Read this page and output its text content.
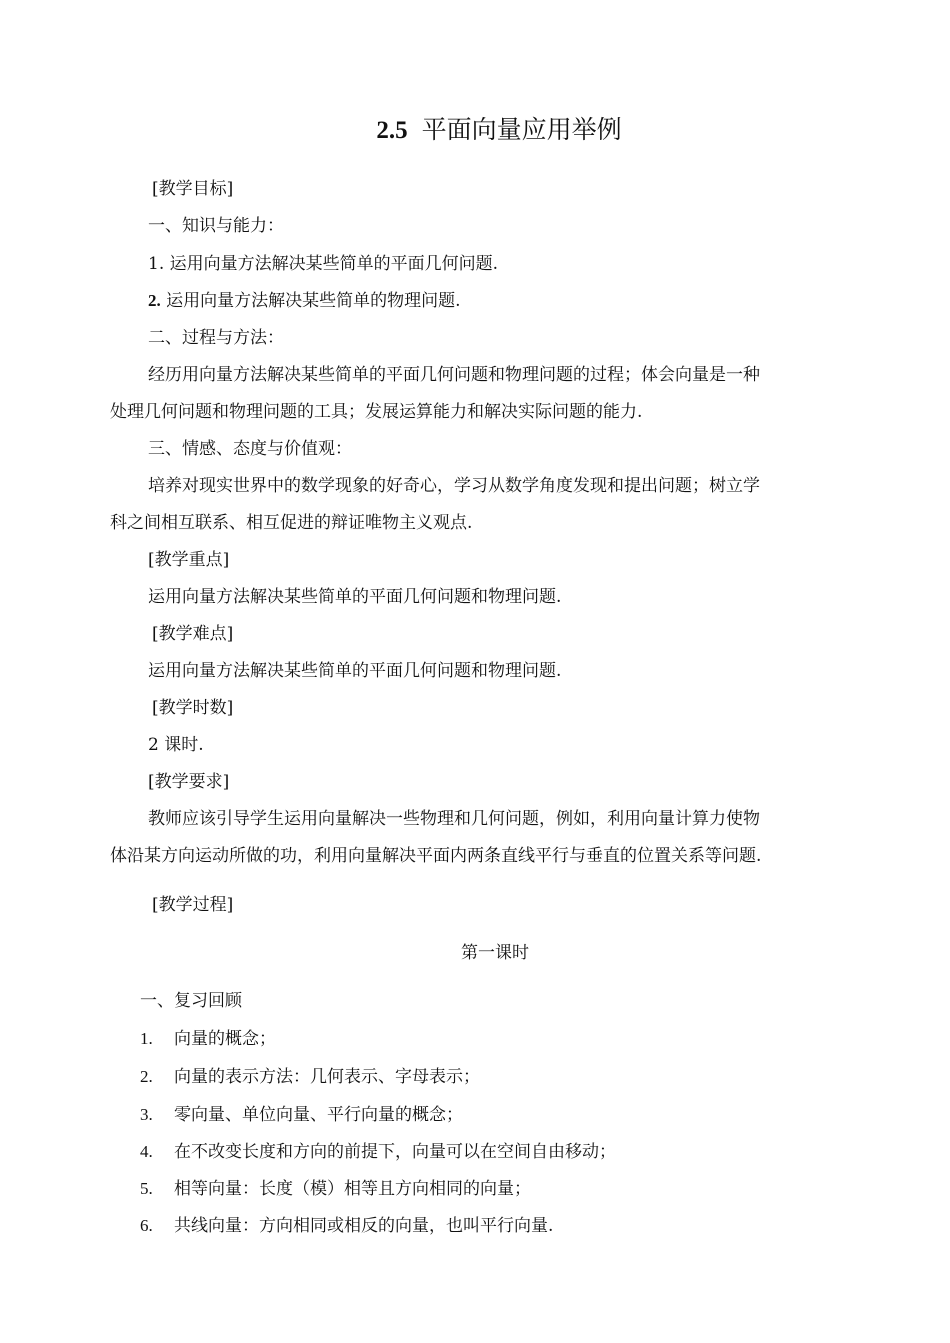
2.5 平面向量应用举例
[教学目标]
一、知识与能力：
1. 运用向量方法解决某些简单的平面几何问题.
2. 运用向量方法解决某些简单的物理问题.
二、过程与方法：
经历用向量方法解决某些简单的平面几何问题和物理问题的过程；体会向量是一种
处理几何问题和物理问题的工具；发展运算能力和解决实际问题的能力.
三、情感、态度与价值观：
培养对现实世界中的数学现象的好奇心，学习从数学角度发现和提出问题；树立学
科之间相互联系、相互促进的辩证唯物主义观点.
[教学重点]
运用向量方法解决某些简单的平面几何问题和物理问题.
[教学难点]
运用向量方法解决某些简单的平面几何问题和物理问题.
[教学时数]
2 课时.
[教学要求]
教师应该引导学生运用向量解决一些物理和几何问题，例如，利用向量计算力使物
体沿某方向运动所做的功，利用向量解决平面内两条直线平行与垂直的位置关系等问题.
[教学过程]
第一课时
一、复习回顾
1. 向量的概念；
2. 向量的表示方法：几何表示、字母表示；
3. 零向量、单位向量、平行向量的概念；
4. 在不改变长度和方向的前提下，向量可以在空间自由移动；
5. 相等向量：长度（模）相等且方向相同的向量；
6. 共线向量：方向相同或相反的向量，也叫平行向量.
